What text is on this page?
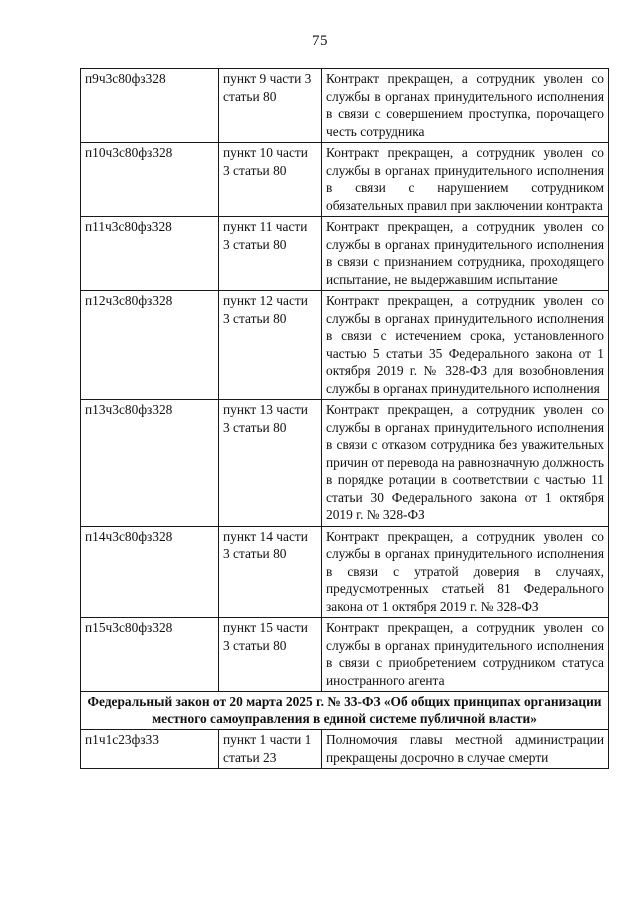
75
п9ч3с80фз328	пункт 9 части 3 статьи 80	Контракт прекращен, а сотрудник уволен со службы в органах принудительного исполнения в связи с совершением проступка, порочащего честь сотрудника
п10ч3с80фз328	пункт 10 части 3 статьи 80	Контракт прекращен, а сотрудник уволен со службы в органах принудительного исполнения в связи с нарушением сотрудником обязательных правил при заключении контракта
п11ч3с80фз328	пункт 11 части 3 статьи 80	Контракт прекращен, а сотрудник уволен со службы в органах принудительного исполнения в связи с признанием сотрудника, проходящего испытание, не выдержавшим испытание
п12ч3с80фз328	пункт 12 части 3 статьи 80	Контракт прекращен, а сотрудник уволен со службы в органах принудительного исполнения в связи с истечением срока, установленного частью 5 статьи 35 Федерального закона от 1 октября 2019 г. № 328-ФЗ для возобновления службы в органах принудительного исполнения
п13ч3с80фз328	пункт 13 части 3 статьи 80	Контракт прекращен, а сотрудник уволен со службы в органах принудительного исполнения в связи с отказом сотрудника без уважительных причин от перевода на равнозначную должность в порядке ротации в соответствии с частью 11 статьи 30 Федерального закона от 1 октября 2019 г. № 328-ФЗ
п14ч3с80фз328	пункт 14 части 3 статьи 80	Контракт прекращен, а сотрудник уволен со службы в органах принудительного исполнения в связи с утратой доверия в случаях, предусмотренных статьей 81 Федерального закона от 1 октября 2019 г. № 328-ФЗ
п15ч3с80фз328	пункт 15 части 3 статьи 80	Контракт прекращен, а сотрудник уволен со службы в органах принудительного исполнения в связи с приобретением сотрудником статуса иностранного агента
Федеральный закон от 20 марта 2025 г. № 33-ФЗ «Об общих принципах организации местного самоуправления в единой системе публичной власти»		
п1ч1с23фз33	пункт 1 части 1 статьи 23	Полномочия главы местной администрации прекращены досрочно в случае смерти
